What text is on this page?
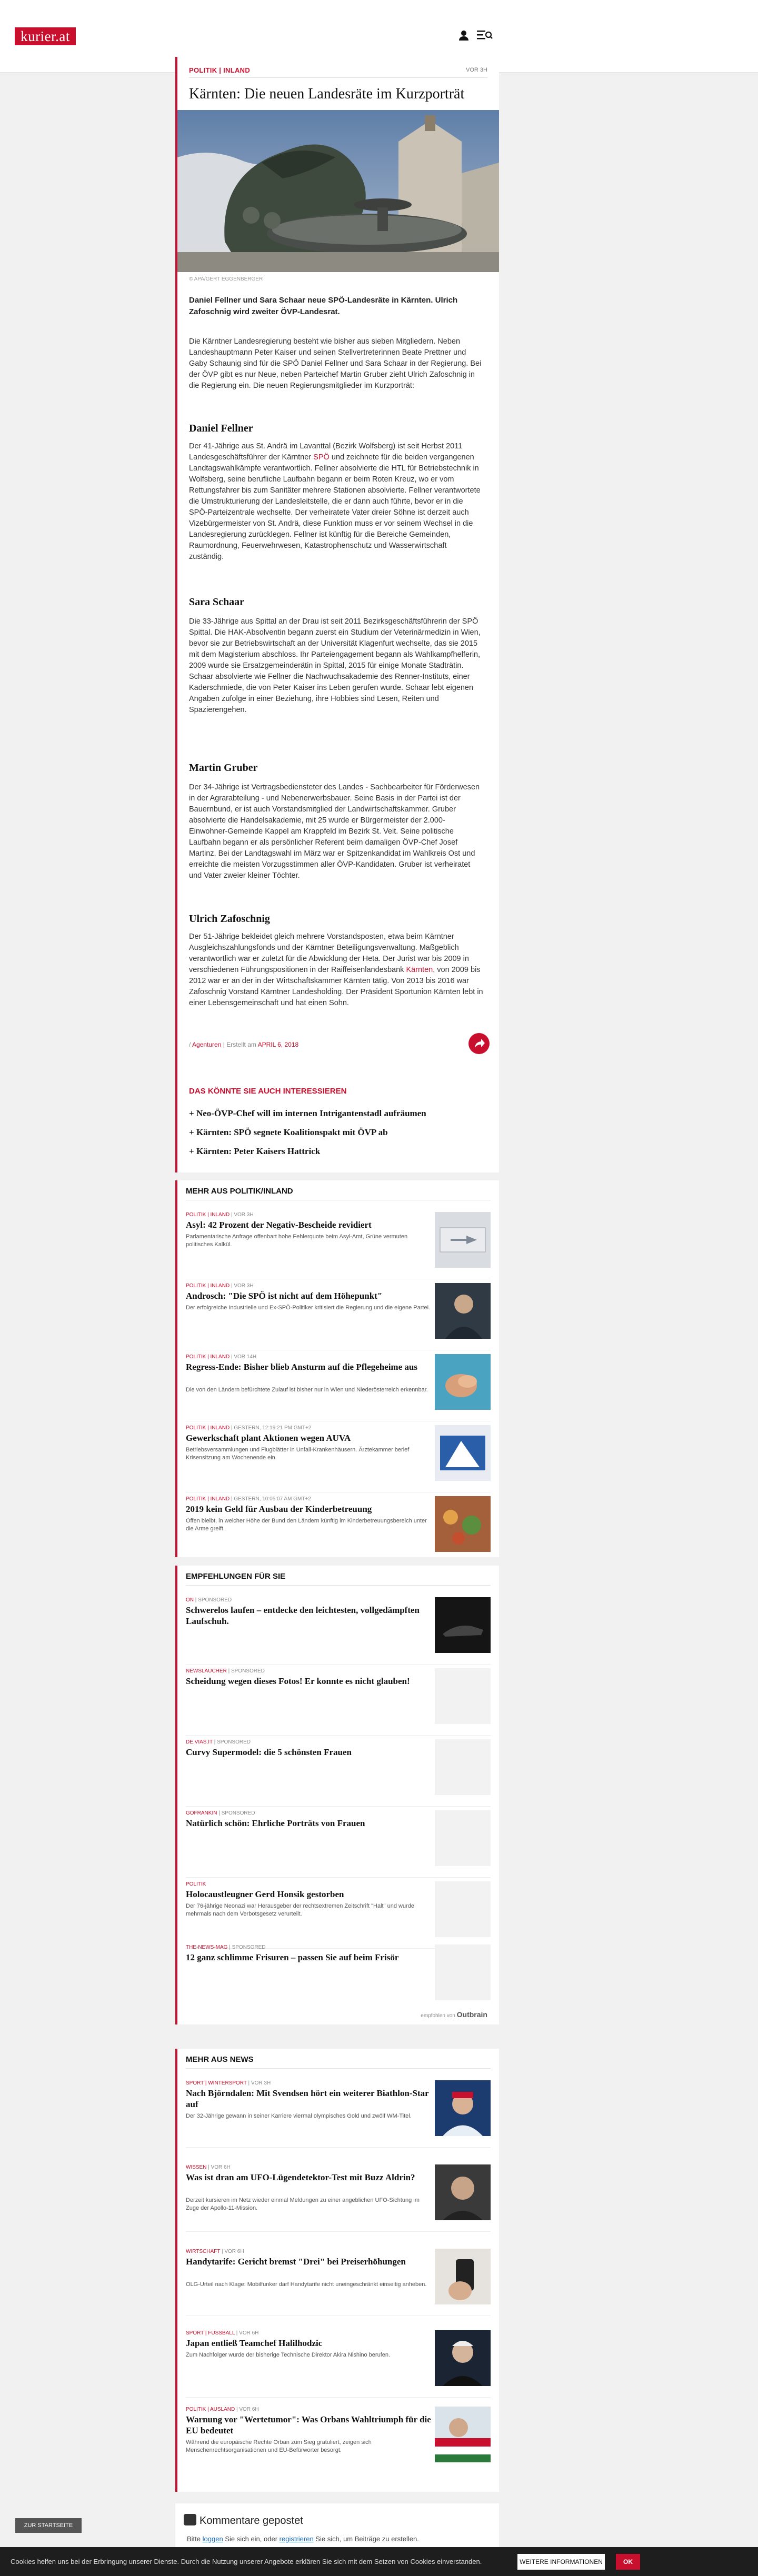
kurier.at
POLITIK | INLAND	VOR 3H
Kärnten: Die neuen Landesräte im Kurzporträt
© APA/GERT EGGENBERGER

Daniel Fellner und Sara Schaar neue SPÖ-Landesräte in Kärnten. Ulrich Zafoschnig wird zweiter ÖVP-Landesrat.

Die Kärntner Landesregierung besteht wie bisher aus sieben Mitgliedern. Neben Landeshauptmann Peter Kaiser und seinen Stellvertreterinnen Beate Prettner und Gaby Schaunig sind für die SPÖ Daniel Fellner und Sara Schaar in der Regierung. Bei der ÖVP gibt es nur Neue, neben Parteichef Martin Gruber zieht Ulrich Zafoschnig in die Regierung ein. Die neuen Regierungsmitglieder im Kurzporträt:

Daniel Fellner

Der 41-Jährige aus St. Andrä im Lavanttal (Bezirk Wolfsberg) ist seit Herbst 2011 Landesgeschäftsführer der Kärntner SPÖ und zeichnete für die beiden vergangenen Landtagswahlkämpfe verantwortlich. Fellner absolvierte die HTL für Betriebstechnik in Wolfsberg, seine berufliche Laufbahn begann er beim Roten Kreuz, wo er vom Rettungsfahrer bis zum Sanitäter mehrere Stationen absolvierte. Fellner verantwortete die Umstrukturierung der Landesleitstelle, die er dann auch führte, bevor er in die SPÖ-Parteizentrale wechselte. Der verheiratete Vater dreier Söhne ist derzeit auch Vizebürgermeister von St. Andrä, diese Funktion muss er vor seinem Wechsel in die Landesregierung zurücklegen. Fellner ist künftig für die Bereiche Gemeinden, Raumordnung, Feuerwehrwesen, Katastrophenschutz und Wasserwirtschaft zuständig.

Sara Schaar

Die 33-Jährige aus Spittal an der Drau ist seit 2011 Bezirksgeschäftsführerin der SPÖ Spittal. Die HAK-Absolventin begann zuerst ein Studium der Veterinärmedizin in Wien, bevor sie zur Betriebswirtschaft an der Universität Klagenfurt wechselte, das sie 2015 mit dem Magisterium abschloss. Ihr Parteiengagement begann als Wahlkampfhelferin, 2009 wurde sie Ersatzgemeinderätin in Spittal, 2015 für einige Monate Stadträtin. Schaar absolvierte wie Fellner die Nachwuchsakademie des Renner-Instituts, einer Kaderschmiede, die von Peter Kaiser ins Leben gerufen wurde. Schaar lebt eigenen Angaben zufolge in einer Beziehung, ihre Hobbies sind Lesen, Reiten und Spazierengehen.

Martin Gruber

Der 34-Jährige ist Vertragsbediensteter des Landes - Sachbearbeiter für Förderwesen in der Agrarabteilung - und Nebenerwerbsbauer. Seine Basis in der Partei ist der Bauernbund, er ist auch Vorstandsmitglied der Landwirtschaftskammer. Gruber absolvierte die Handelsakademie, mit 25 wurde er Bürgermeister der 2.000-Einwohner-Gemeinde Kappel am Krappfeld im Bezirk St. Veit. Seine politische Laufbahn begann er als persönlicher Referent beim damaligen ÖVP-Chef Josef Martinz. Bei der Landtagswahl im März war er Spitzenkandidat im Wahlkreis Ost und erreichte die meisten Vorzugsstimmen aller ÖVP-Kandidaten. Gruber ist verheiratet und Vater zweier kleiner Töchter.

Ulrich Zafoschnig

Der 51-Jährige bekleidet gleich mehrere Vorstandsposten, etwa beim Kärntner Ausgleichszahlungsfonds und der Kärntner Beteiligungsverwaltung. Maßgeblich verantwortlich war er zuletzt für die Abwicklung der Heta. Der Jurist war bis 2009 in verschiedenen Führungspositionen in der Raiffeisenlandesbank Kärnten, von 2009 bis 2012 war er an der in der Wirtschaftskammer Kärnten tätig. Von 2013 bis 2016 war Zafoschnig Vorstand Kärntner Landesholding. Der Präsident Sportunion Kärnten lebt in einer Lebensgemeinschaft und hat einen Sohn.

/ Agenturen | Erstellt am APRIL 6, 2018
DAS KÖNNTE SIE AUCH INTERESSIEREN
+ Neo-ÖVP-Chef will im internen Intrigantenstadl aufräumen
+ Kärnten: SPÖ segnete Koalitionspakt mit ÖVP ab
+ Kärnten: Peter Kaisers Hattrick
MEHR AUS POLITIK/INLAND
POLITIK | INLAND | VOR 3H
Asyl: 42 Prozent der Negativ-Bescheide revidiert
Parlamentarische Anfrage offenbart hohe Fehlerquote beim Asyl-Amt, Grüne vermuten politisches Kalkül.
POLITIK | INLAND | VOR 3H
Androsch: "Die SPÖ ist nicht auf dem Höhepunkt"
Der erfolgreiche Industrielle und Ex-SPÖ-Politiker kritisiert die Regierung und die eigene Partei.
POLITIK | INLAND | VOR 14H
Regress-Ende: Bisher blieb Ansturm auf die Pflegeheime aus
Die von den Ländern befürchtete Zulauf ist bisher nur in Wien und Niederösterreich erkennbar.
POLITIK | INLAND | GESTERN, 12:19:21 PM GMT+2
Gewerkschaft plant Aktionen wegen AUVA
Betriebsversammlungen und Flugblätter in Unfall-Krankenhäusern. Ärztekammer berief Krisensitzung am Wochenende ein.
POLITIK | INLAND | GESTERN, 10:05:07 AM GMT+2
2019 kein Geld für Ausbau der Kinderbetreuung
Offen bleibt, in welcher Höhe der Bund den Ländern künftig im Kinderbetreuungsbereich unter die Arme greift.
EMPFEHLUNGEN FÜR SIE
ON | SPONSORED
Schwerelos laufen – entdecke den leichtesten, vollgedämpften Laufschuh.
NEWSLAUCHER | SPONSORED
Scheidung wegen dieses Fotos! Er konnte es nicht glauben!
DE.VIAS.IT | SPONSORED
Curvy Supermodel: die 5 schönsten Frauen
GOFRANKIN | SPONSORED
Natürlich schön: Ehrliche Porträts von Frauen
POLITIK
Holocaustleugner Gerd Honsik gestorben
Der 76-jährige Neonazi war Herausgeber der rechtsextremen Zeitschrift "Halt" und wurde mehrmals nach dem Verbotsgesetz verurteilt.
THE-NEWS-MAG | SPONSORED
12 ganz schlimme Frisuren – passen Sie auf beim Frisör
empfohlen von Outbrain
MEHR AUS NEWS
SPORT | WINTERSPORT | VOR 3H
Nach Björndalen: Mit Svendsen hört ein weiterer Biathlon-Star auf
Der 32-Jährige gewann in seiner Karriere viermal olympisches Gold und zwölf WM-Titel.
WISSEN | VOR 6H
Was ist dran am UFO-Lügendetektor-Test mit Buzz Aldrin?
Derzeit kursieren im Netz wieder einmal Meldungen zu einer angeblichen UFO-Sichtung im Zuge der Apollo-11-Mission.
WIRTSCHAFT | VOR 6H
Handytarife: Gericht bremst "Drei" bei Preiserhöhungen
OLG-Urteil nach Klage: Mobilfunker darf Handytarife nicht uneingeschränkt einseitig anheben.
SPORT | FUSSBALL | VOR 6H
Japan entließ Teamchef Halilhodzic
Zum Nachfolger wurde der bisherige Technische Direktor Akira Nishino berufen.
POLITIK | AUSLAND | VOR 6H
Warnung vor "Wertetumor": Was Orbans Wahltriumph für die EU bedeutet
Während die europäische Rechte Orban zum Sieg gratuliert, zeigen sich Menschenrechtsorganisationen und EU-Befürworter besorgt.
Kommentare gepostet
Bitte loggen Sie sich ein, oder registrieren Sie sich, um Beiträge zu erstellen.
ZUR STARTSEITE
Cookies helfen uns bei der Erbringung unserer Dienste. Durch die Nutzung unserer Angebote erklären Sie sich mit dem Setzen von Cookies einverstanden.	WEITERE INFORMATIONEN	OK
